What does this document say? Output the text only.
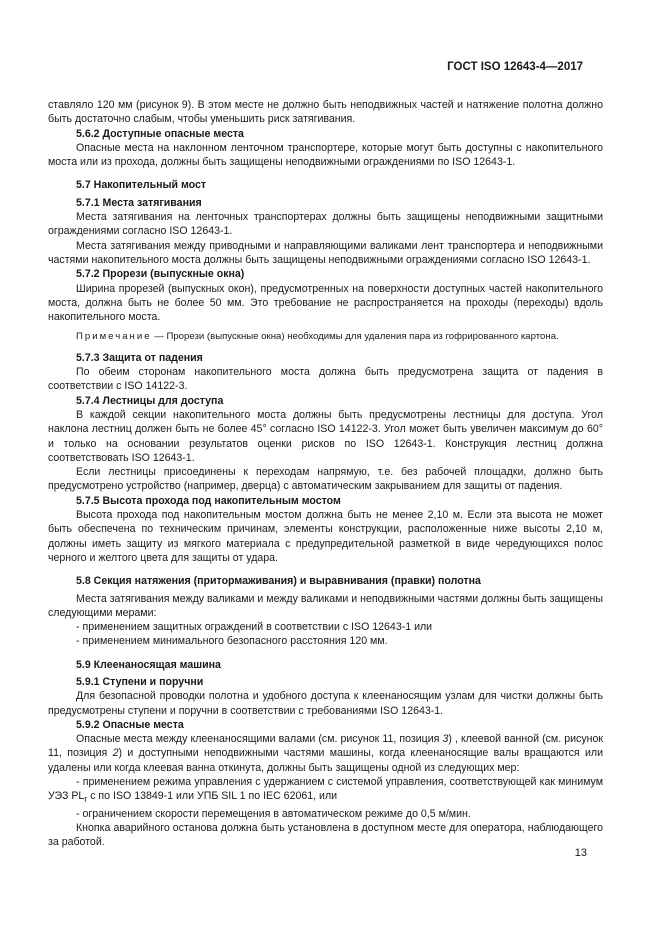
ГОСТ ISO 12643-4—2017

ставляло 120 мм (рисунок 9). В этом месте не должно быть неподвижных частей и натяжение полотна должно быть достаточно слабым, чтобы уменьшить риск затягивания.

5.6.2 Доступные опасные места

Опасные места на наклонном ленточном транспортере, которые могут быть доступны с накопительного моста или из прохода, должны быть защищены неподвижными ограждениями по ISO 12643-1.

5.7 Накопительный мост

5.7.1 Места затягивания

Места затягивания на ленточных транспортерах должны быть защищены неподвижными защитными ограждениями согласно ISO 12643-1.

Места затягивания между приводными и направляющими валиками лент транспортера и неподвижными частями накопительного моста должны быть защищены неподвижными ограждениями согласно ISO 12643-1.

5.7.2 Прорези (выпускные окна)

Ширина прорезей (выпускных окон), предусмотренных на поверхности доступных частей накопительного моста, должна быть не более 50 мм. Это требование не распространяется на проходы (переходы) вдоль накопительного моста.

Примечание — Прорези (выпускные окна) необходимы для удаления пара из гофрированного картона.

5.7.3 Защита от падения

По обеим сторонам накопительного моста должна быть предусмотрена защита от падения в соответствии с ISO 14122-3.

5.7.4 Лестницы для доступа

В каждой секции накопительного моста должны быть предусмотрены лестницы для доступа. Угол наклона лестниц должен быть не более 45° согласно ISO 14122-3. Угол может быть увеличен максимум до 60° и только на основании результатов оценки рисков по ISO 12643-1. Конструкция лестниц должна соответствовать ISO 12643-1.

Если лестницы присоединены к переходам напрямую, т.е. без рабочей площадки, должно быть предусмотрено устройство (например, дверца) с автоматическим закрыванием для защиты от падения.

5.7.5 Высота прохода под накопительным мостом

Высота прохода под накопительным мостом должна быть не менее 2,10 м. Если эта высота не может быть обеспечена по техническим причинам, элементы конструкции, расположенные ниже высоты 2,10 м, должны иметь защиту из мягкого материала с предупредительной разметкой в виде чередующихся полос черного и желтого цвета для защиты от удара.

5.8 Секция натяжения (притормаживания) и выравнивания (правки) полотна

Места затягивания между валиками и между валиками и неподвижными частями должны быть защищены следующими мерами:

- применением защитных ограждений в соответствии с ISO 12643-1 или

- применением минимального безопасного расстояния 120 мм.

5.9 Клеенаносящая машина

5.9.1 Ступени и поручни

Для безопасной проводки полотна и удобного доступа к клеенаносящим узлам для чистки должны быть предусмотрены ступени и поручни в соответствии с требованиями ISO 12643-1.

5.9.2 Опасные места

Опасные места между клеенаносящими валами (см. рисунок 11, позиция 3) , клеевой ванной (см. рисунок 11, позиция 2) и доступными неподвижными частями машины, когда клеенаносящие валы вращаются или удалены или когда клеевая ванна откинута, должны быть защищены одной из следующих мер:

- применением режима управления с удержанием с системой управления, соответствующей как минимум УЭЗ $PL_r$ с по ISO 13849-1 или УПБ SIL 1 по IEC 62061, или

- ограничением скорости перемещения в автоматическом режиме до 0,5 м/мин.

Кнопка аварийного останова должна быть установлена в доступном месте для оператора, наблюдающего за работой.

13
